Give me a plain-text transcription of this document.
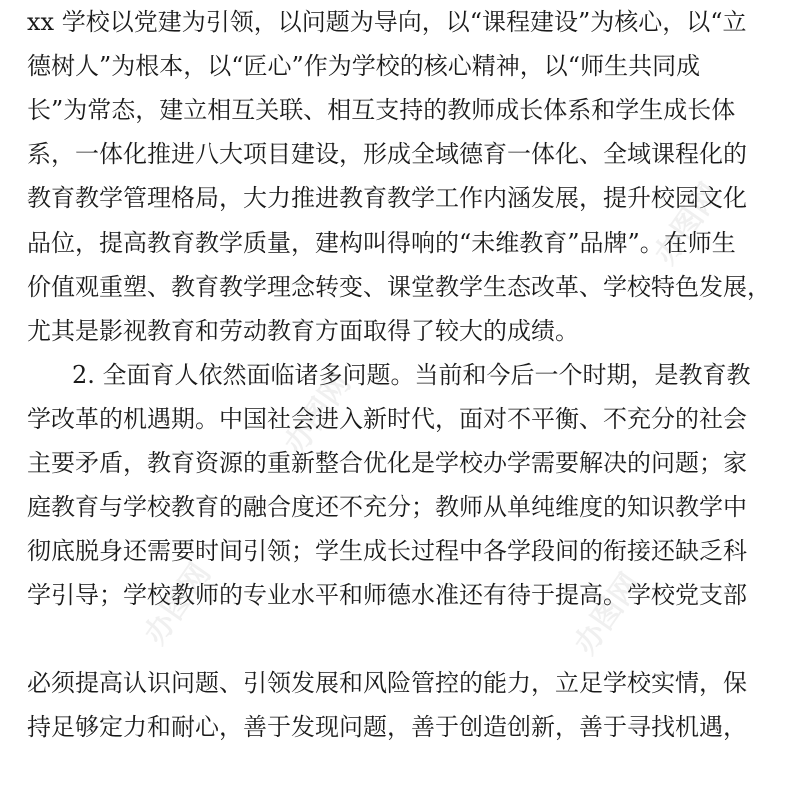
办图网
办图网
办图网	办图网
xx 学校以党建为引领，以问题为导向，以“课程建设”为核心，以“立
德树人”为根本，以“匠心”作为学校的核心精神，以“师生共同成
长”为常态，建立相互关联、相互支持的教师成长体系和学生成长体
系，一体化推进八大项目建设，形成全域德育一体化、全域课程化的
教育教学管理格局，大力推进教育教学工作内涵发展，提升校园文化
品位，提高教育教学质量，建构叫得响的“未维教育”品牌”。在师生
价值观重塑、教育教学理念转变、课堂教学生态改革、学校特色发展，
尤其是影视教育和劳动教育方面取得了较大的成绩。
2. 全面育人依然面临诸多问题。当前和今后一个时期，是教育教
学改革的机遇期。中国社会进入新时代，面对不平衡、不充分的社会
主要矛盾，教育资源的重新整合优化是学校办学需要解决的问题；家
庭教育与学校教育的融合度还不充分；教师从单纯维度的知识教学中
彻底脱身还需要时间引领；学生成长过程中各学段间的衔接还缺乏科
学引导；学校教师的专业水平和师德水准还有待于提高。学校党支部
必须提高认识问题、引领发展和风险管控的能力，立足学校实情，保
持足够定力和耐心，善于发现问题，善于创造创新，善于寻找机遇，
